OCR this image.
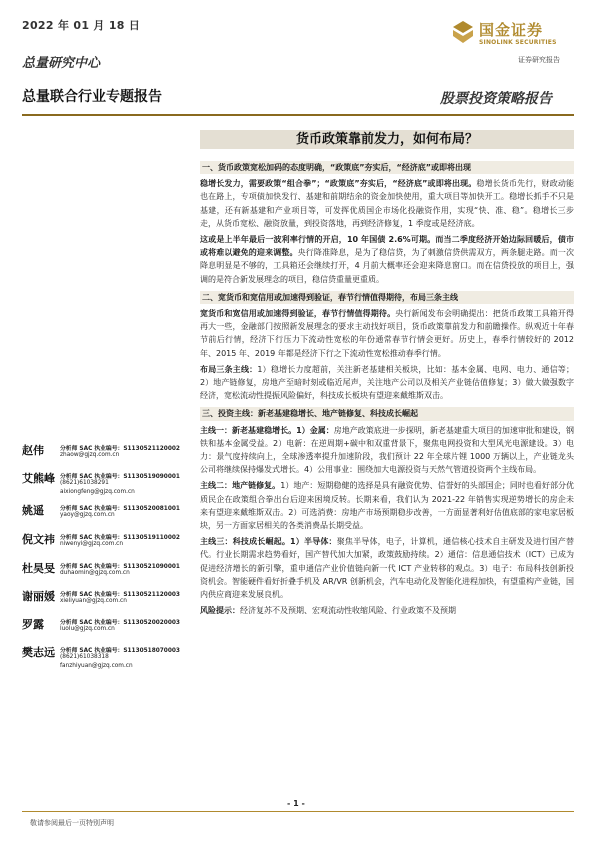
2022 年 01 月 18 日
总量研究中心
国金证券
SINOLINK SECURITIES
证券研究报告
总量联合行业专题报告	股票投资策略报告
货币政策靠前发力，如何布局？

一、货币政策宽松加码的态度明确，“政策底”夯实后，“经济底”或即将出现

稳增长发力，需要政策“组合拳”；“政策底”夯实后，“经济底”或即将出现。稳增长货币先行，财政动能也在路上，专项债加快发行、基建和前期结余的资金加快使用，重大项目等加快开工。稳增长抓手不只是基建，还有新基建和产业项目等，可发挥优质国企市场化投融资作用，实现“快、准、稳”。稳增长三步走，从货币宽松、融资放量，到投资落地，再到经济修复，1 季度或是经济底。

这或是上半年最后一波利率行情的开启，10 年国债 2.6%可期。而当二季度经济开始边际回暖后，债市或将难以避免的迎来调整。央行降准降息，是为了稳信贷，为了刺激信贷供需双方，两条腿走路。而一次降息明显是不够的，工具箱还会继续打开，4 月前大概率还会迎来降息窗口。而在信贷投放的项目上，强调的是符合新发展理念的项目，稳信贷重量更重质。

二、宽货币和宽信用或加速得到验证，春节行情值得期待，布局三条主线

宽货币和宽信用或加速得到验证，春节行情值得期待。央行新闻发布会明确提出：把货币政策工具箱开得再大一些，金融部门按照新发展理念的要求主动找好项目，货币政策靠前发力和前瞻操作。纵观近十年春节前后行情，经济下行压力下流动性宽松的年份通常春节行情会更好。历史上，春季行情较好的 2012 年、2015 年、2019 年都是经济下行之下流动性宽松推动春季行情。

布局三条主线：1）稳增长力度超前，关注新老基建相关板块，比如：基本金属、电网、电力、通信等；2）地产链修复，房地产至暗时刻或临近尾声，关注地产公司以及相关产业链估值修复；3）做大做强数字经济，宽松流动性提振风险偏好，科技成长板块有望迎来戴维斯双击。

三、投资主线：新老基建稳增长、地产链修复、科技成长崛起

主线一：新老基建稳增长。1）金属：房地产政策底进一步探明，新老基建重大项目的加速审批和建设，钢铁和基本金属受益。2）电新：在逆周期+碳中和双重背景下，聚焦电网投资和大型风光电源建设。3）电力：景气度持续向上，全球渗透率提升加速阶段，我们预计 22 年全球片锂 1000 万辆以上，产业链龙头公司将继续保持爆发式增长。4）公用事业：围绕加大电源投资与天然气管道投资两个主线布局。

主线二：地产链修复。1）地产：短期稳健的选择是具有融资优势、信誉好的头部国企；同时也看好部分优质民企在政策组合拳出台后迎来困境反转。长期来看，我们认为 2021-22 年销售实现逆势增长的房企未来有望迎来戴维斯双击。2）可选消费：房地产市场预期稳步改善，一方面显著利好估值底部的家电家居板块，另一方面家居相关的各类消费品长期受益。

主线三：科技成长崛起。1）半导体：聚焦半导体，电子，计算机，通信核心技术自主研发及进行国产替代。行业长期需求趋势看好，国产替代加大加紧，政策鼓励持续。2）通信：信息通信技术（ICT）已成为促进经济增长的新引擎，重申通信产业价值链向新一代 ICT 产业转移的观点。3）电子：布局科技创新投资机会。智能硬件看好折叠手机及 AR/VR 创新机会，汽车电动化及智能化进程加快，有望重构产业链，国内供应商迎来发展良机。

风险提示：经济复苏不及预期、宏观流动性收缩风险、行业政策不及预期

赵伟	分析师 SAC 执业编号：S1130521120002
zhaow@gjzq.com.cn
艾熊峰 分析师 SAC 执业编号：S1130519090001
(8621)61038291
aixiongfeng@gjzq.com.cn
姚遥	分析师 SAC 执业编号：S1130520081001
yaoy@gjzq.com.cn
倪文祎 分析师 SAC 执业编号：S1130519110002
niwenyi@gjzq.com.cn
杜昊旻 分析师 SAC 执业编号：S1130521090001
duhaomin@gjzq.com.cn
谢丽媛 分析师 SAC 执业编号：S1130521120003
xieliyuan@gjzq.com.cn
罗露	分析师 SAC 执业编号：S1130520020003
luolu@gjzq.com.cn
樊志远 分析师 SAC 执业编号：S1130518070003
(8621)61038318
fanzhiyuan@gjzq.com.cn
- 1 -
敬请参阅最后一页特别声明
